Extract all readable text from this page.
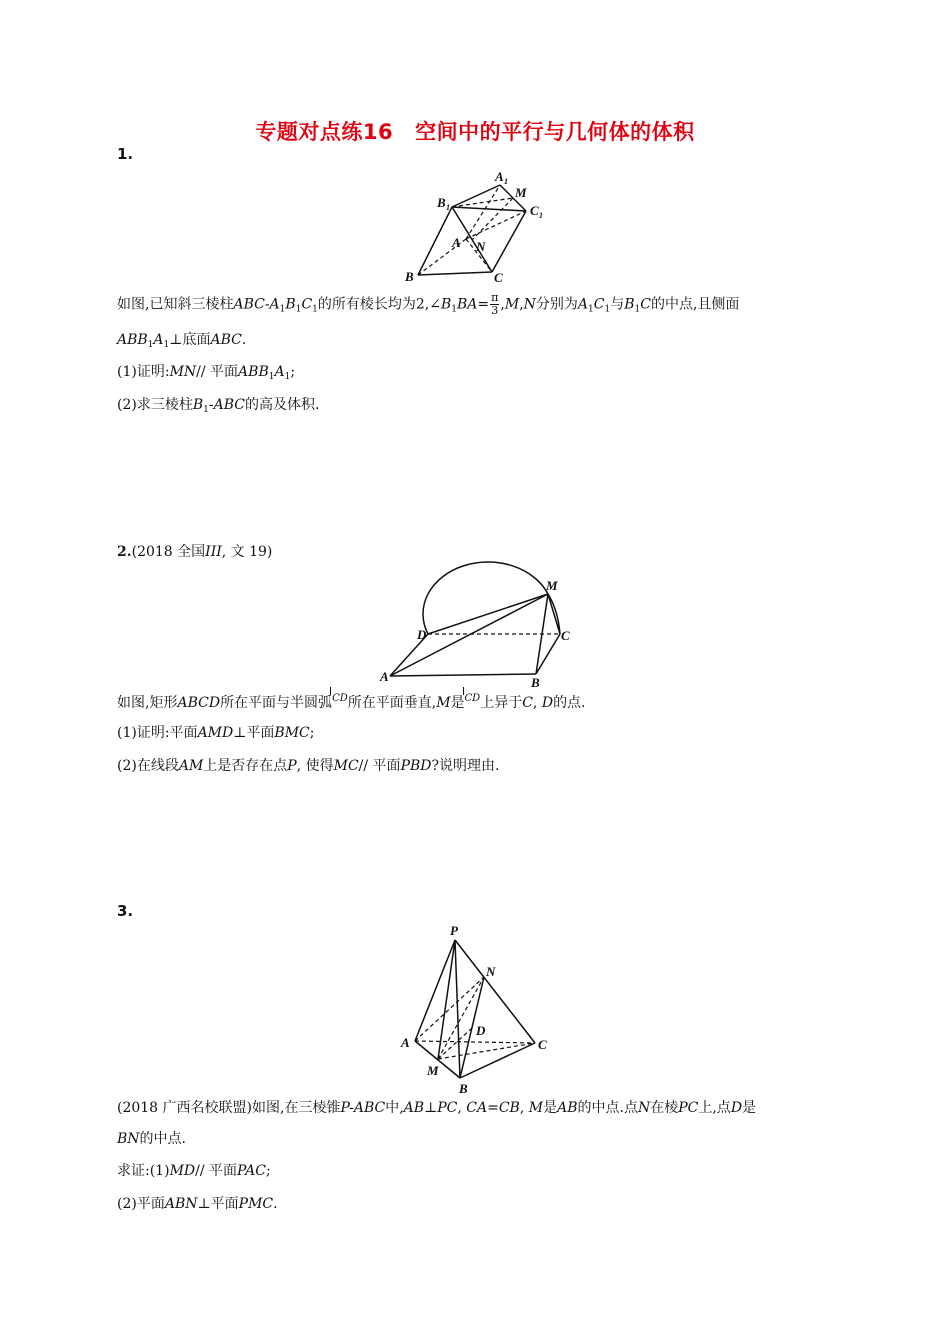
专题对点练16 空间中的平行与几何体的体积
1.
A 1
M
B 1	C 1
A N
B	C
如图,已知斜三棱柱ABC-$A_1B_1C_1$的所有棱长均为$2,\angle B_1BA= \frac{\pi}{3} ,M,N$分别为$A_1C_1$与$B_1C$的中点,且侧面
$ABB_1A_1\perp$底面ABC.
(1)证明:MN// 平面$ABB_1A_1$;
(2)求三棱柱$B_1$-ABC的高及体积.
2.(2018 全国III, 文 19)
M
D	C
A	B
如图,矩形ABCD所在平面与半圆弧CD所在平面垂直,M是CD上异于C, D的点.
(1)证明:平面AMD⊥平面BMC;
(2)在线段AM上是否存在点P, 使得MC// 平面PBD?说明理由.
3.
P
N
D
A	C
M
B
(2018 广西名校联盟)如图,在三棱锥P-ABC中,AB⊥PC, CA=CB, M是AB的中点.点N在棱PC上,点D是
BN的中点.
求证:(1)MD// 平面PAC;
(2)平面ABN⊥平面PMC.
